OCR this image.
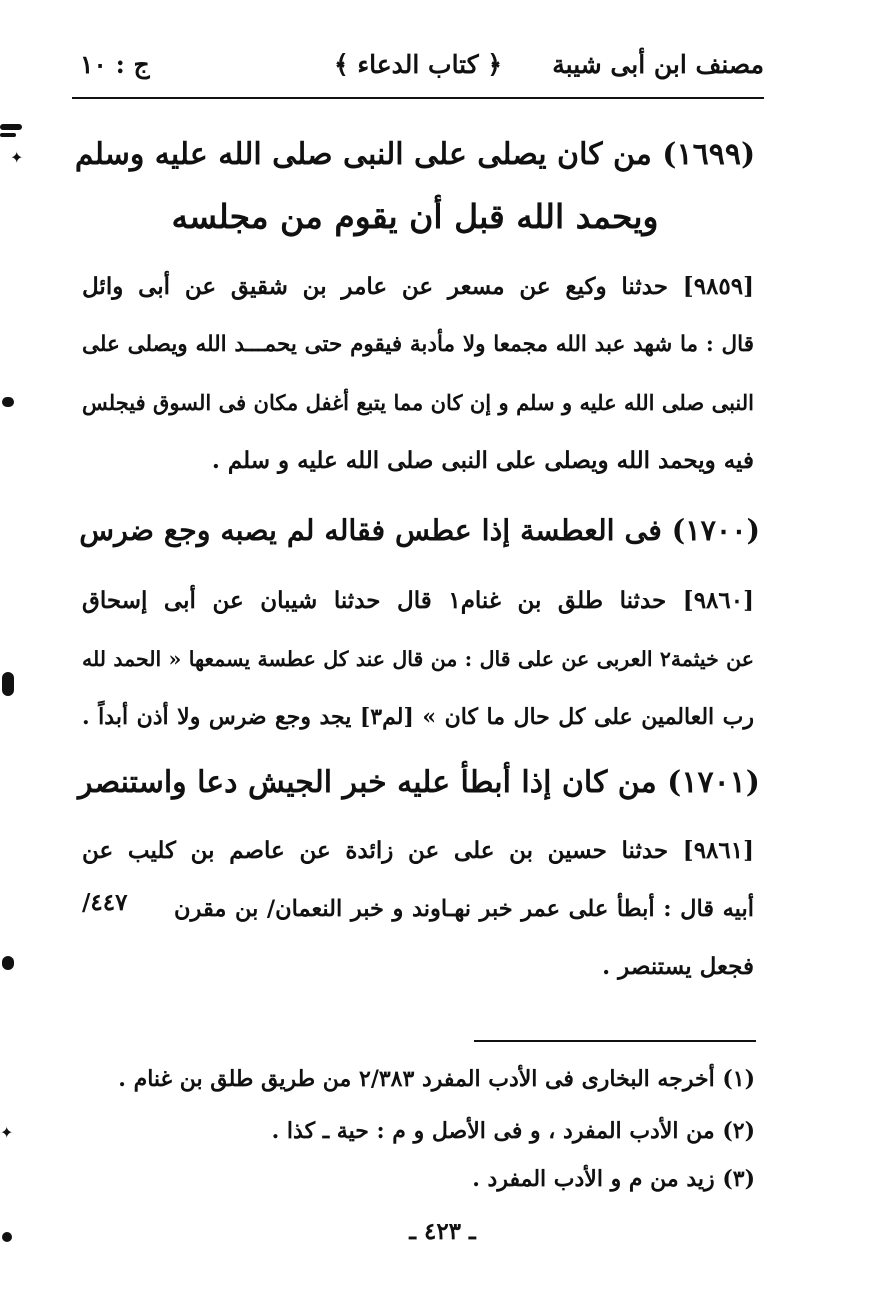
مصنف ابن أبى شيبة
﴿ كتاب الدعاء ﴾
ج : ١٠
✦
✦
(١٦٩٩) من كان يصلى على النبى صلى الله عليه وسلم
ويحمد الله قبل أن يقوم من مجلسه
[٩٨٥٩] حدثنا وكيع عن مسعر عن عامر بن شقيق عن أبى وائل
قال : ما شهد عبد الله مجمعا ولا مأدبة فيقوم حتى يحمـــد الله ويصلى على
النبى صلى الله عليه و سلم و إن كان مما يتبع أغفل مكان فى السوق فيجلس
فيه ويحمد الله ويصلى على النبى صلى الله عليه و سلم .
(١٧٠٠) فى العطسة إذا عطس فقاله لم يصبه وجع ضرس
[٩٨٦٠] حدثنا طلق بن غنام١ قال حدثنا شيبان عن أبى إسحاق
عن خيثمة٢ العربى عن على قال : من قال عند كل عطسة يسمعها « الحمد لله
رب العالمين على كل حال ما كان » [لم٣] يجد وجع ضرس ولا أذن أبداً .
(١٧٠١) من كان إذا أبطأ عليه خبر الجيش دعا واستنصر
[٩٨٦١] حدثنا حسين بن على عن زائدة عن عاصم بن كليب عن
أبيه قال : أبطأ على عمر خبر نهـاوند و خبر النعمان/ بن مقرن
٤٤٧/
فجعل يستنصر .
(١) أخرجه البخارى فى الأدب المفرد ٢/٣٨٣ من طريق طلق بن غنام .
(٢) من الأدب المفرد ، و فى الأصل و م : حية ـ كذا .
(٣) زيد من م و الأدب المفرد .
ـ ٤٢٣ ـ
